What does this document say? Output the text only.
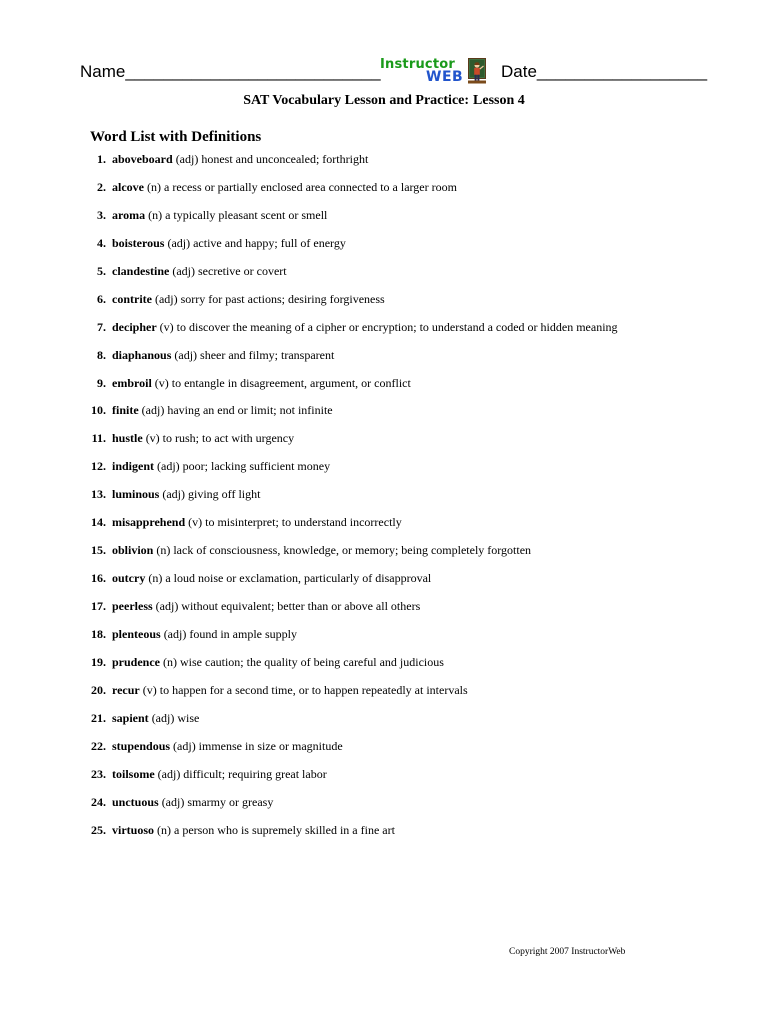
Name___________________________ Instructor
WEB Date__________________
SAT Vocabulary Lesson and Practice: Lesson 4
Word List with Definitions
1. aboveboard (adj) honest and unconcealed; forthright
2. alcove (n) a recess or partially enclosed area connected to a larger room
3. aroma (n) a typically pleasant scent or smell
4. boisterous (adj) active and happy; full of energy
5. clandestine (adj) secretive or covert
6. contrite (adj) sorry for past actions; desiring forgiveness
7. decipher (v) to discover the meaning of a cipher or encryption; to understand a coded or hidden meaning
8. diaphanous (adj) sheer and filmy; transparent
9. embroil (v) to entangle in disagreement, argument, or conflict
10. finite (adj) having an end or limit; not infinite
11. hustle (v) to rush; to act with urgency
12. indigent (adj) poor; lacking sufficient money
13. luminous (adj) giving off light
14. misapprehend (v) to misinterpret; to understand incorrectly
15. oblivion (n) lack of consciousness, knowledge, or memory; being completely forgotten
16. outcry (n) a loud noise or exclamation, particularly of disapproval
17. peerless (adj) without equivalent; better than or above all others
18. plenteous (adj) found in ample supply
19. prudence (n) wise caution; the quality of being careful and judicious
20. recur (v) to happen for a second time, or to happen repeatedly at intervals
21. sapient (adj) wise
22. stupendous (adj) immense in size or magnitude
23. toilsome (adj) difficult; requiring great labor
24. unctuous (adj) smarmy or greasy
25. virtuoso (n) a person who is supremely skilled in a fine art
Copyright 2007 InstructorWeb
